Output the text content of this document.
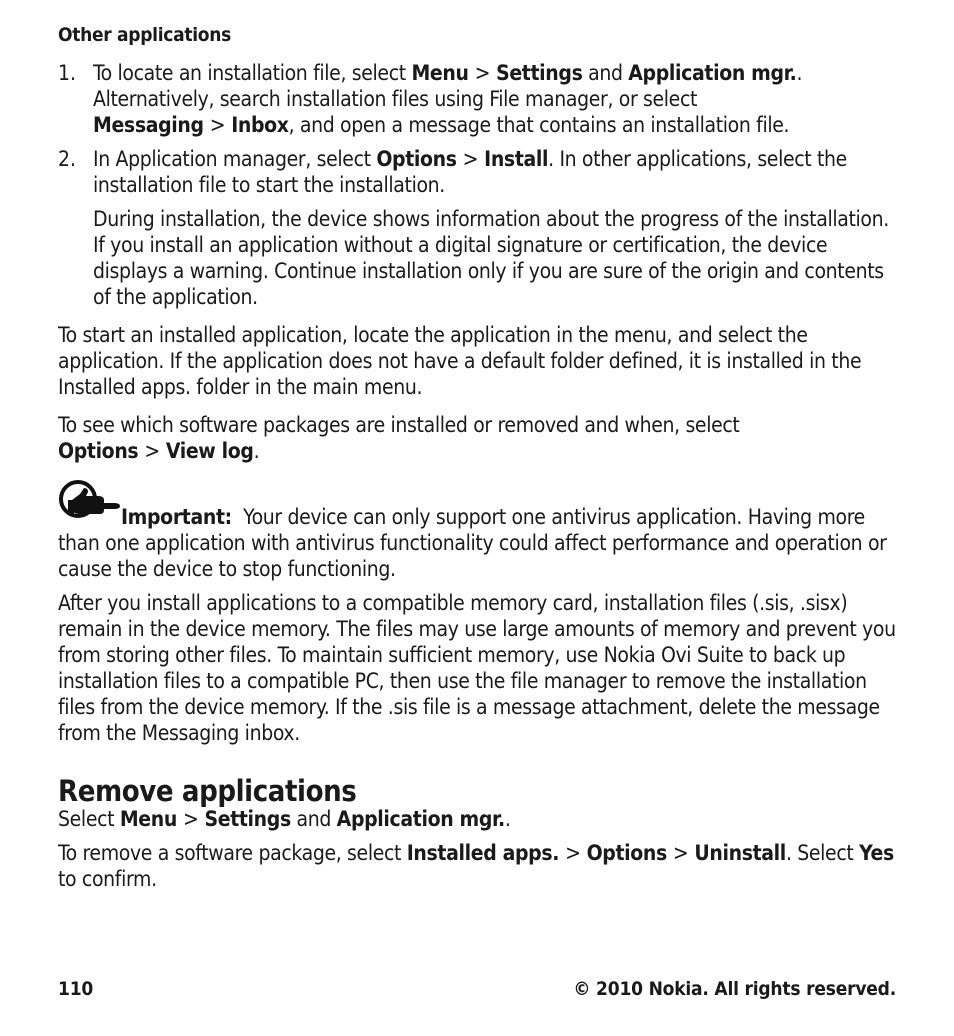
Other applications
1. To locate an installation file, select Menu > Settings and Application mgr.. Alternatively, search installation files using File manager, or select Messaging > Inbox, and open a message that contains an installation file.

2. In Application manager, select Options > Install. In other applications, select the installation file to start the installation.

During installation, the device shows information about the progress of the installation. If you install an application without a digital signature or certification, the device displays a warning. Continue installation only if you are sure of the origin and contents of the application.

To start an installed application, locate the application in the menu, and select the application. If the application does not have a default folder defined, it is installed in the Installed apps. folder in the main menu.

To see which software packages are installed or removed and when, select Options > View log.

Important:  Your device can only support one antivirus application. Having more than one application with antivirus functionality could affect performance and operation or cause the device to stop functioning.

After you install applications to a compatible memory card, installation files (.sis, .sisx) remain in the device memory. The files may use large amounts of memory and prevent you from storing other files. To maintain sufficient memory, use Nokia Ovi Suite to back up installation files to a compatible PC, then use the file manager to remove the installation files from the device memory. If the .sis file is a message attachment, delete the message from the Messaging inbox.

Remove applications

Select Menu > Settings and Application mgr..

To remove a software package, select Installed apps. > Options > Uninstall. Select Yes to confirm.

110	© 2010 Nokia. All rights reserved.
